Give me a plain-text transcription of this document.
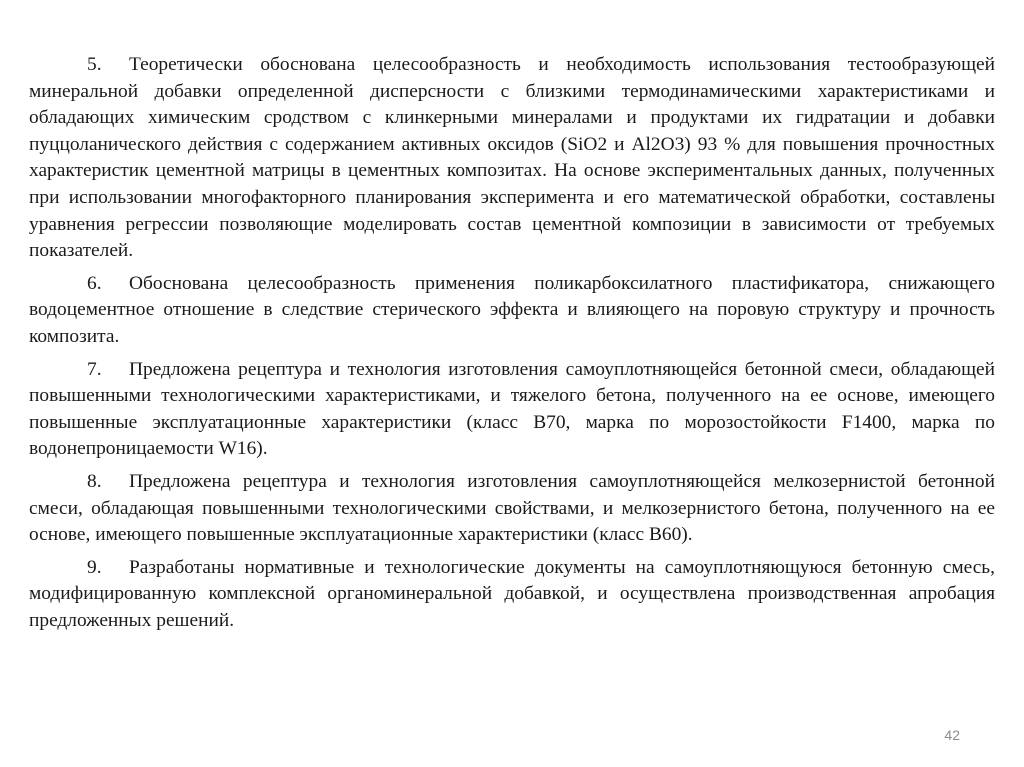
5. Теоретически обоснована целесообразность и необходимость использования тестообразующей минеральной добавки определенной дисперсности с близкими термодинамическими характеристиками и обладающих химическим сродством с клинкерными минералами и продуктами их гидратации и добавки пуццоланического действия с содержанием активных оксидов (SiO2 и Al2O3) 93 % для повышения прочностных характеристик цементной матрицы в цементных композитах. На основе экспериментальных данных, полученных при использовании многофакторного планирования эксперимента и его математической обработки, составлены уравнения регрессии позволяющие моделировать состав цементной композиции в зависимости от требуемых показателей.

6. Обоснована целесообразность применения поликарбоксилатного пластификатора, снижающего водоцементное отношение в следствие стерического эффекта и влияющего на поровую структуру и прочность композита.

7. Предложена рецептура и технология изготовления самоуплотняющейся бетонной смеси, обладающей повышенными технологическими характеристиками, и тяжелого бетона, полученного на ее основе, имеющего повышенные эксплуатационные характеристики (класс В70, марка по морозостойкости F1400, марка по водонепроницаемости W16).

8. Предложена рецептура и технология изготовления самоуплотняющейся мелкозернистой бетонной смеси, обладающая повышенными технологическими свойствами, и мелкозернистого бетона, полученного на ее основе, имеющего повышенные эксплуатационные характеристики (класс В60).

9. Разработаны нормативные и технологические документы на самоуплотняющуюся бетонную смесь, модифицированную комплексной органоминеральной добавкой, и осуществлена производственная апробация предложенных решений.

42
